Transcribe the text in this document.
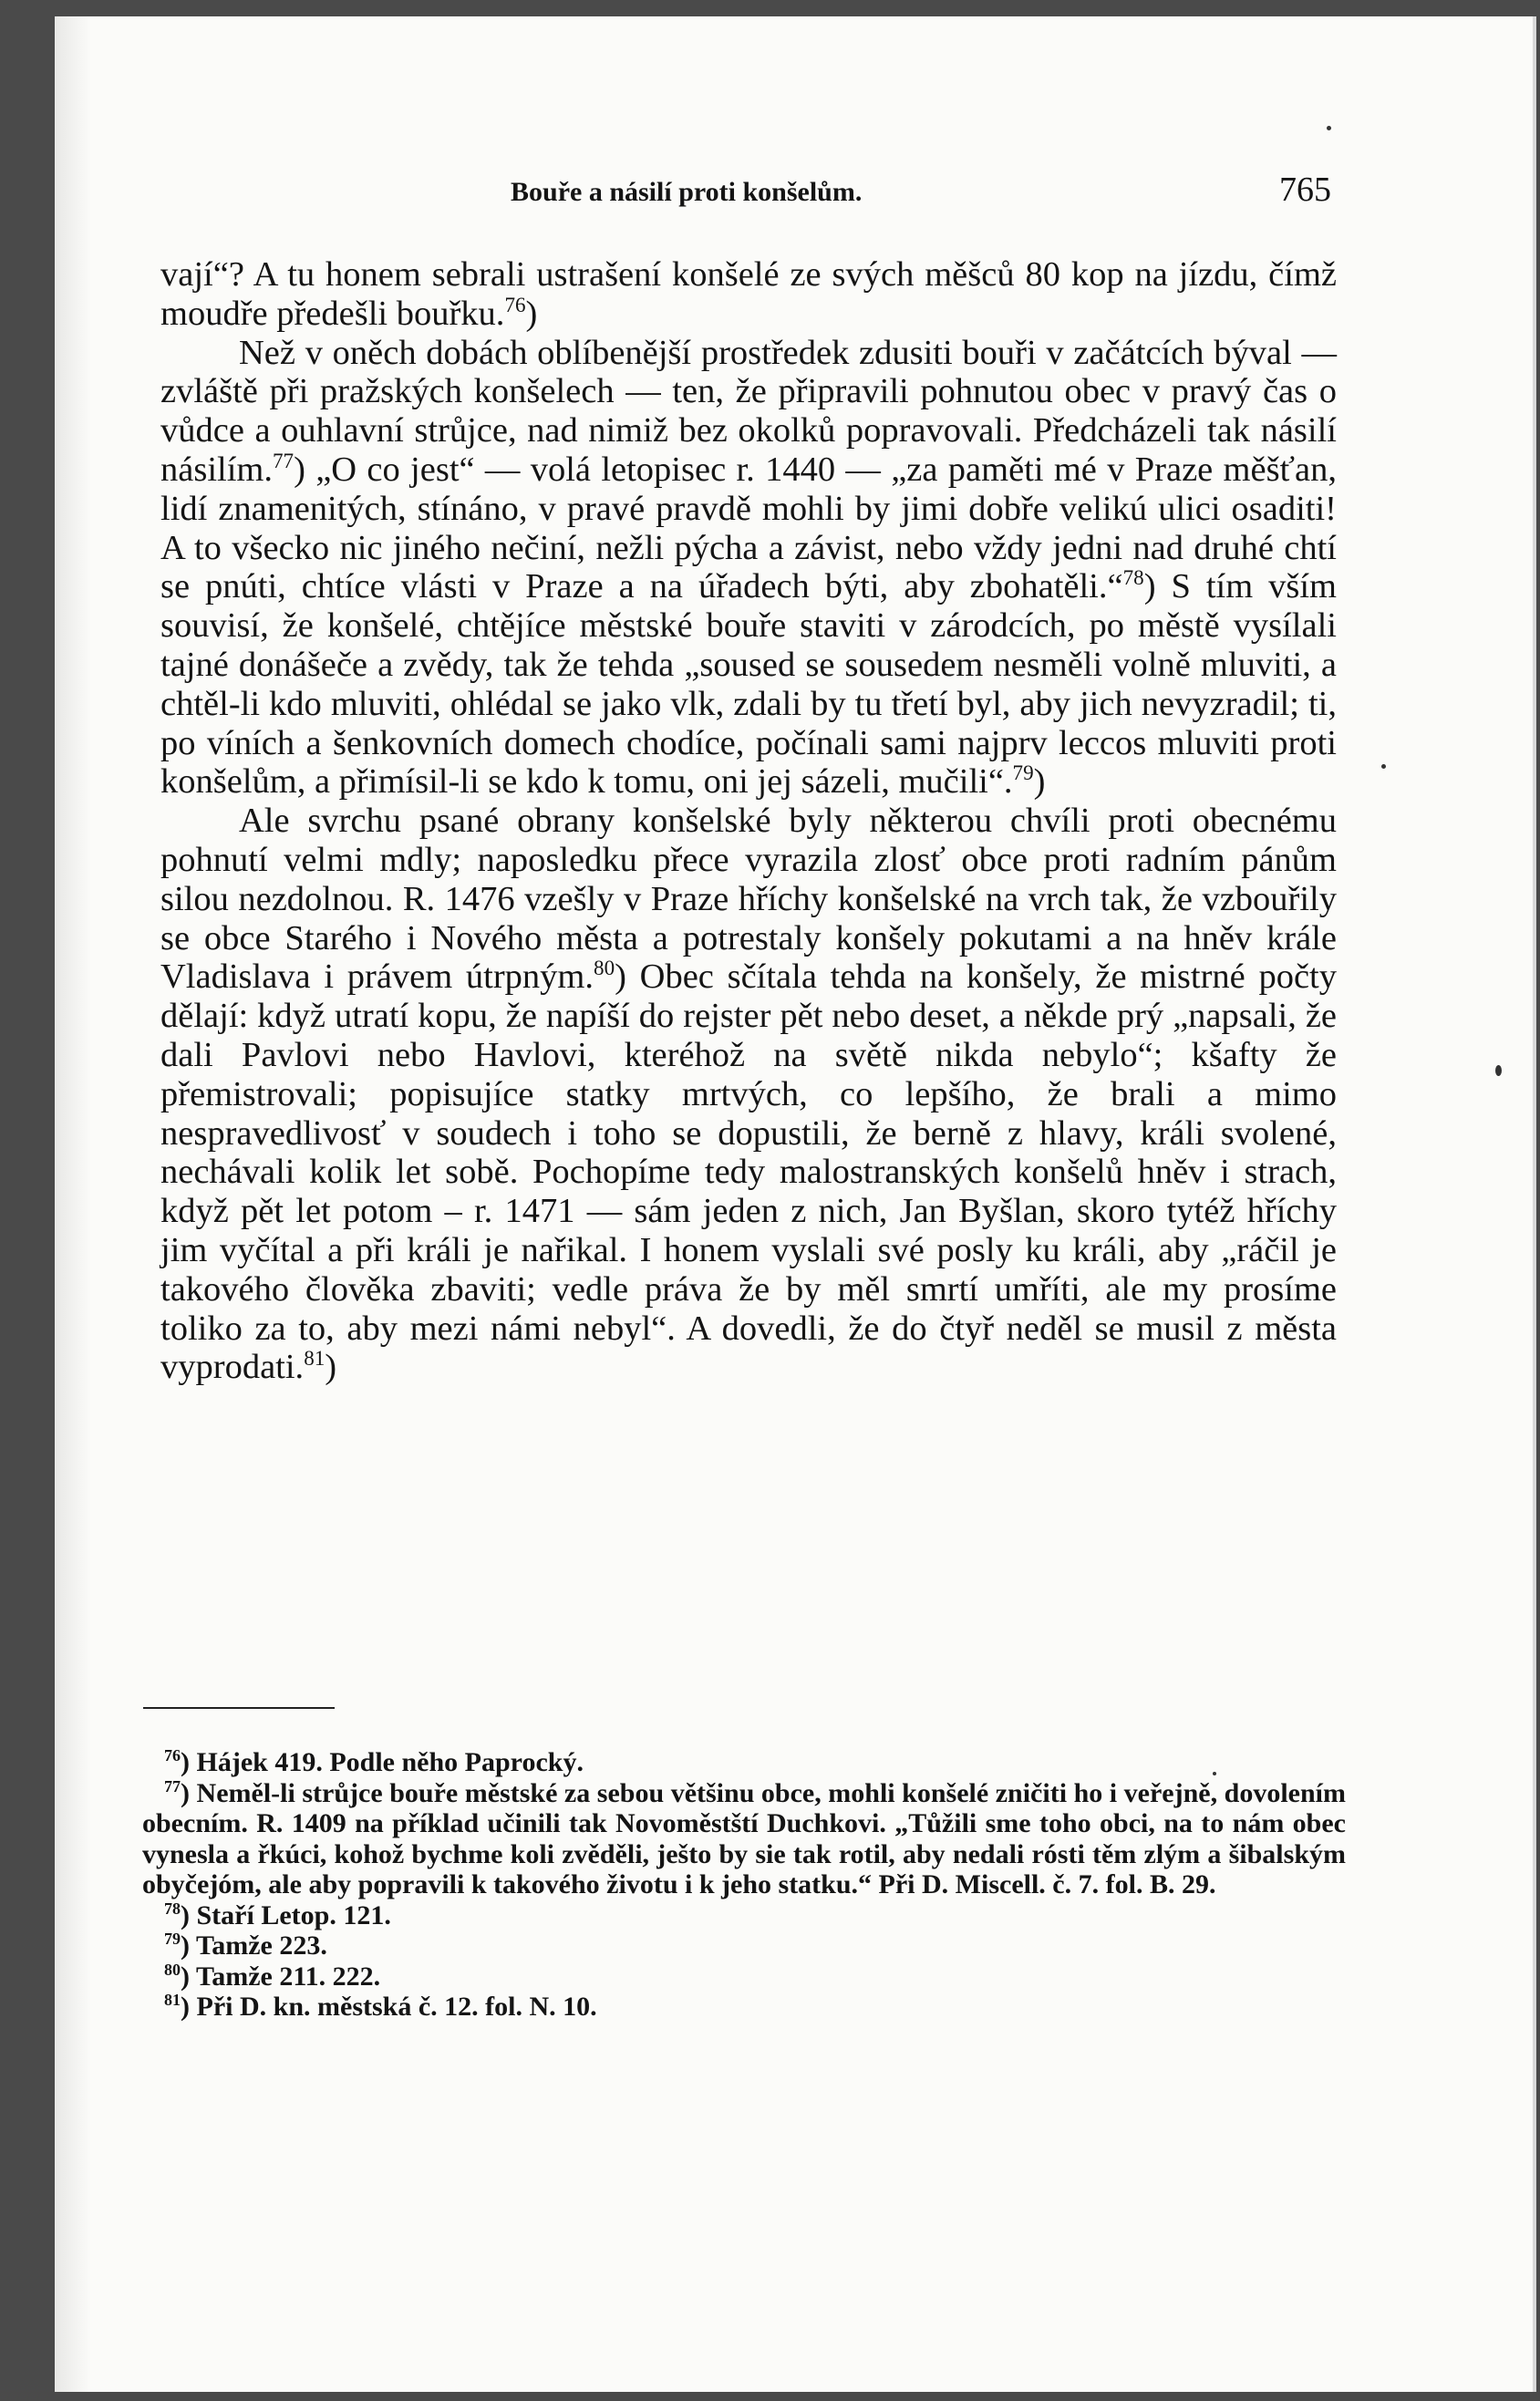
Bouře a násilí proti konšelům.	765

vají“? A tu honem sebrali ustrašení konšelé ze svých měšců 80 kop na jízdu, čímž moudře předešli bouřku.$^{76}$)

Než v oněch dobách oblíbenější prostředek zdusiti bouři v začátcích býval — zvláště při pražských konšelech — ten, že připravili pohnutou obec v pravý čas o vůdce a ouhlavní strůjce, nad nimiž bez okolků popravovali. Předcházeli tak násilí násilím.$^{77}$) „O co jest“ — volá letopisec r. 1440 — „za paměti mé v Praze měšťan, lidí znamenitých, stínáno, v pravé pravdě mohli by jimi dobře velikú ulici osaditi! A to všecko nic jiného nečiní, nežli pýcha a závist, nebo vždy jedni nad druhé chtí se pnúti, chtíce vlásti v Praze a na úřadech býti, aby zbohatěli.“$^{78}$) S tím vším souvisí, že konšelé, chtějíce městské bouře staviti v zárodcích, po městě vysílali tajné donášeče a zvědy, tak že tehda „soused se sousedem nesměli volně mluviti, a chtěl-li kdo mluviti, ohlédal se jako vlk, zdali by tu třetí byl, aby jich nevyzradil; ti, po víních a šenkovních domech chodíce, počínali sami najprv leccos mluviti proti konšelům, a přimísil-li se kdo k tomu, oni jej sázeli, mučili“.$^{79}$)

Ale svrchu psané obrany konšelské byly některou chvíli proti obecnému pohnutí velmi mdly; naposledku přece vyrazila zlosť obce proti radním pánům silou nezdolnou. R. 1476 vzešly v Praze hříchy konšelské na vrch tak, že vzbouřily se obce Starého i Nového města a potrestaly konšely pokutami a na hněv krále Vladislava i právem útrpným.$^{80}$) Obec sčítala tehda na konšely, že mistrné počty dělají: když utratí kopu, že napíší do rejster pět nebo deset, a někde prý „napsali, že dali Pavlovi nebo Havlovi, kteréhož na světě nikda nebylo“; kšafty že přemistrovali; popisujíce statky mrtvých, co lepšího, že brali a mimo nespravedlivosť v soudech i toho se dopustili, že berně z hlavy, králi svolené, nechávali kolik let sobě. Pochopíme tedy malostranských konšelů hněv i strach, když pět let potom – r. 1471 — sám jeden z nich, Jan Byšlan, skoro tytéž hříchy jim vyčítal a při králi je nařikal. I honem vyslali své posly ku králi, aby „ráčil je takového člověka zbaviti; vedle práva že by měl smrtí umříti, ale my prosíme toliko za to, aby mezi námi nebyl“. A dovedli, že do čtyř neděl se musil z města vyprodati.$^{81}$)

$^{76}$) Hájek 419. Podle něho Paprocký.

$^{77}$) Neměl-li strůjce bouře městské za sebou většinu obce, mohli konšelé zničiti ho i veřejně, dovolením obecním. R. 1409 na příklad učinili tak Novoměstští Duchkovi. „Tůžili sme toho obci, na to nám obec vynesla a řkúci, kohož bychme koli zvěděli, ješto by sie tak rotil, aby nedali rósti těm zlým a šibalským obyčejóm, ale aby popravili k takového životu i k jeho statku.“ Při D. Miscell. č. 7. fol. B. 29.

$^{78}$) Staří Letop. 121.

$^{79}$) Tamže 223.

$^{80}$) Tamže 211. 222.

$^{81}$) Při D. kn. městská č. 12. fol. N. 10.
